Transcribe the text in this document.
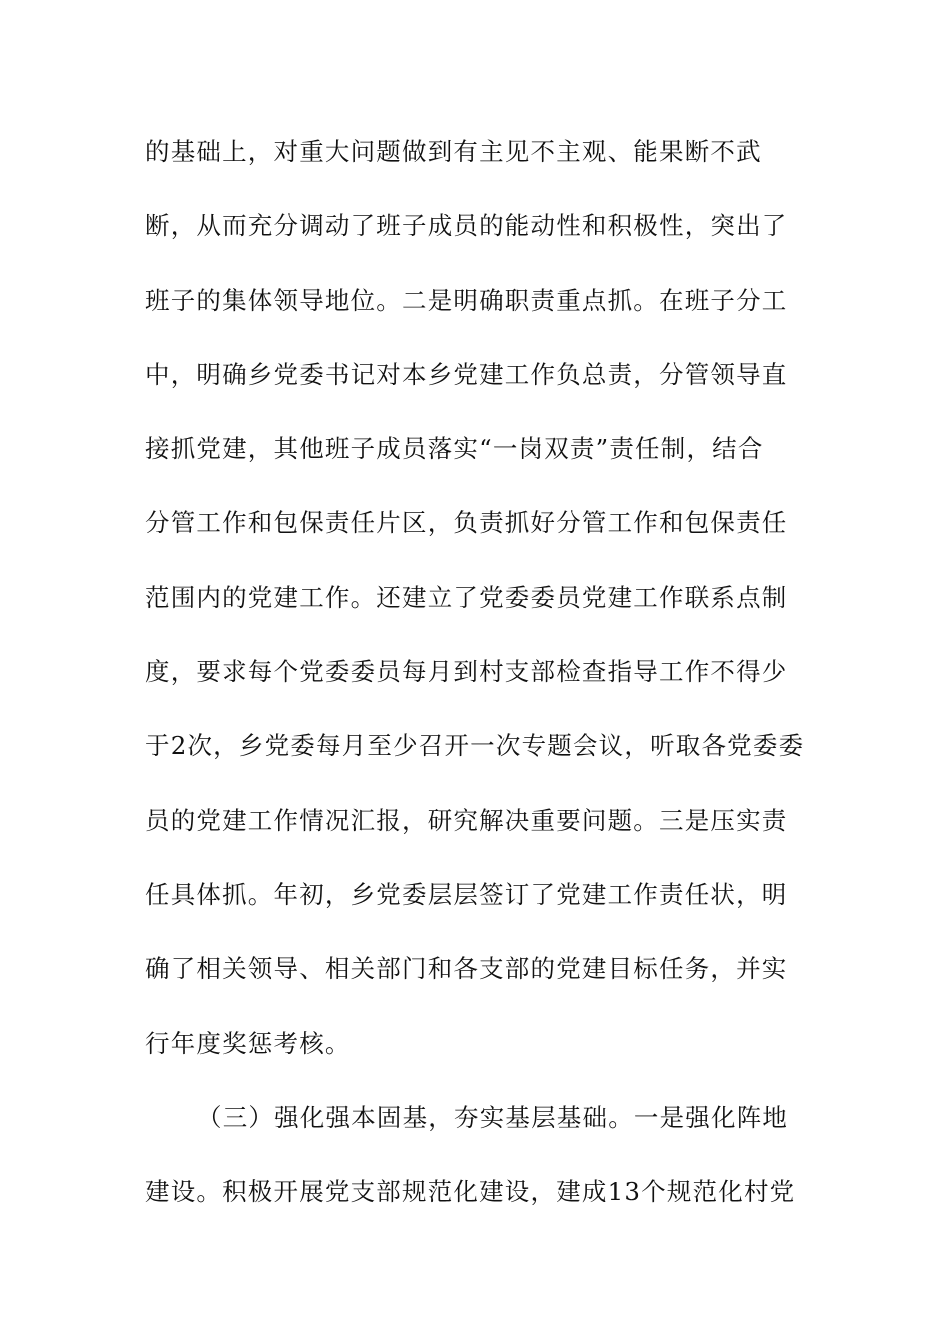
的基础上，对重大问题做到有主见不主观、能果断不武
断，从而充分调动了班子成员的能动性和积极性，突出了
班子的集体领导地位。二是明确职责重点抓。在班子分工
中，明确乡党委书记对本乡党建工作负总责，分管领导直
接抓党建，其他班子成员落实“一岗双责”责任制，结合
分管工作和包保责任片区，负责抓好分管工作和包保责任
范围内的党建工作。还建立了党委委员党建工作联系点制
度，要求每个党委委员每月到村支部检查指导工作不得少
于2次，乡党委每月至少召开一次专题会议，听取各党委委
员的党建工作情况汇报，研究解决重要问题。三是压实责
任具体抓。年初，乡党委层层签订了党建工作责任状，明
确了相关领导、相关部门和各支部的党建目标任务，并实
行年度奖惩考核。
（三）强化强本固基，夯实基层基础。一是强化阵地
建设。积极开展党支部规范化建设，建成13个规范化村党
